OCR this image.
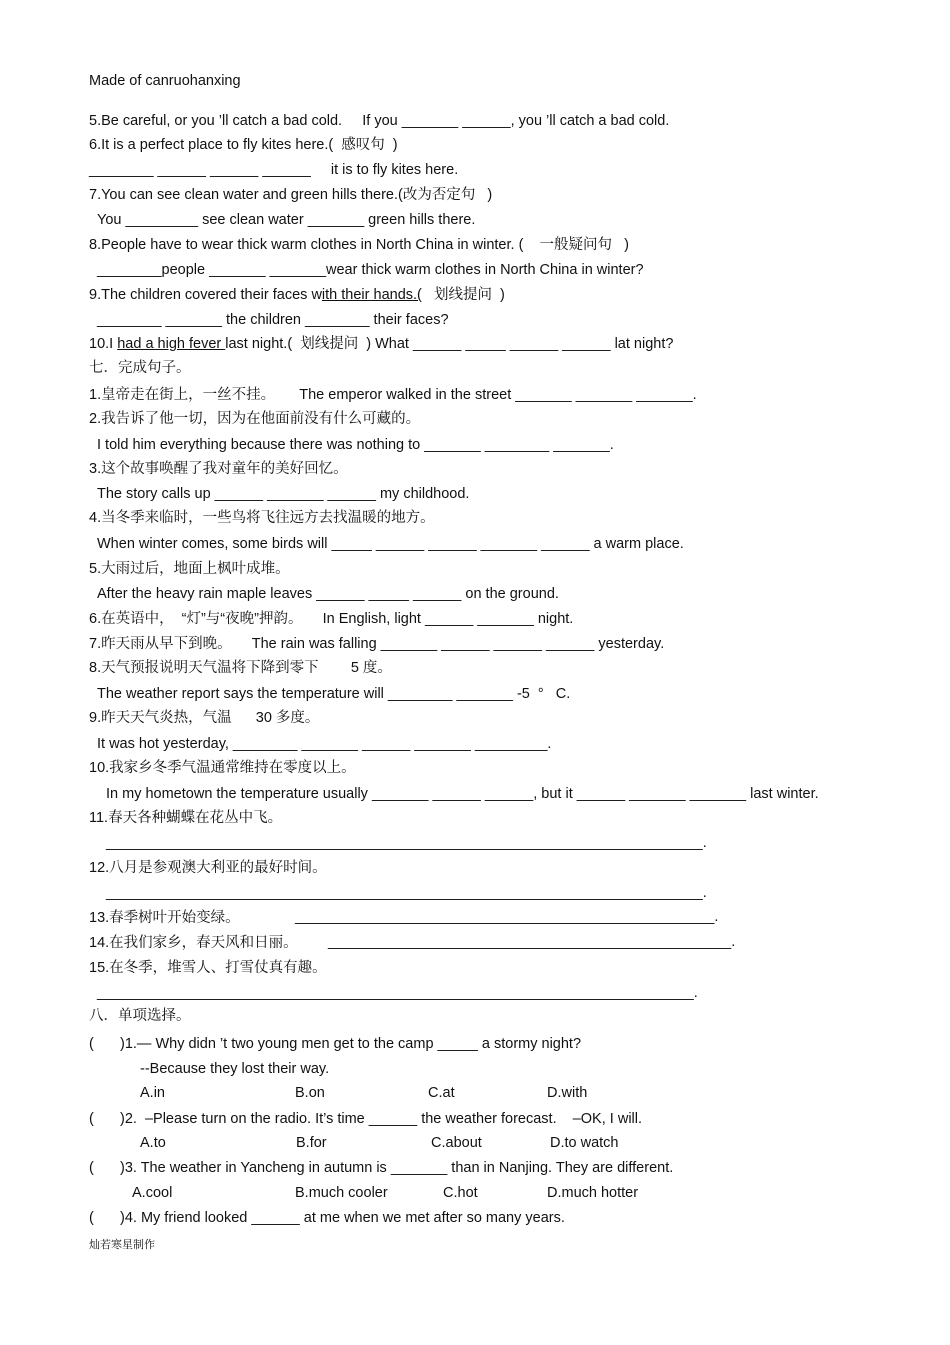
Made of canruohanxing
5.Be careful, or you ’ll catch a bad cold.     If you _______ ______, you ’ll catch a bad cold.
6.It is a perfect place to fly kites here.(  感叹句  )
________ ______ ______ ______     it is to fly kites here.
7.You can see clean water and green hills there.(改为否定句   )
You _________ see clean water _______ green hills there.
8.People have to wear thick warm clothes in North China in winter. (    一般疑问句   )
________people _______ _______wear thick warm clothes in North China in winter?
9.The children covered their faces with their hands.(   划线提问  )
________ _______ the children ________ their faces?
10.I had a high fever last night.(  划线提问  ) What ______ _____ ______ ______ lat night?
七．完成句子。
1.皇帝走在街上，一丝不挂。      The emperor walked in the street _______ _______ _______.
2.我告诉了他一切，因为在他面前没有什么可藏的。
I told him everything because there was nothing to _______ ________ _______.
3.这个故事唤醒了我对童年的美好回忆。
The story calls up ______ _______ ______ my childhood.
4.当冬季来临时，一些鸟将飞往远方去找温暖的地方。
When winter comes, some birds will _____ ______ ______ _______ ______ a warm place.
5.大雨过后，地面上枫叶成堆。
After the heavy rain maple leaves ______ _____ ______ on the ground.
6.在英语中，  “灯”与“夜晚”押韵。     In English, light ______ _______ night.
7.昨天雨从早下到晚。     The rain was falling _______ ______ ______ ______ yesterday.
8.天气预报说明天气温将下降到零下        5 度。
The weather report says the temperature will ________ _______ -5  °   C.
9.昨天天气炎热，气温      30 多度。
It was hot yesterday, ________ _______ ______ _______ _________.
10.我家乡冬季气温通常维持在零度以上。
In my hometown the temperature usually _______ ______ ______, but it ______ _______ _______ last winter.
11.春天各种蝴蝶在花丛中飞。
__________________________________________________________________________.
12.八月是参观澳大利亚的最好时间。
__________________________________________________________________________.
13.春季树叶开始变绿。	____________________________________________________.
14.在我们家乡，春天风和日丽。 __________________________________________________.
15.在冬季，堆雪人、打雪仗真有趣。
__________________________________________________________________________.
八．单项选择。
( )1.— Why didn ’t two young men get to the camp _____ a stormy night?
--Because they lost their way.
A.in	B.on	C.at	D.with
( )2.  –Please turn on the radio. It’s time ______ the weather forecast.    –OK, I will.
A.to	B.for	C.about	D.to watch
( )3. The weather in Yancheng in autumn is _______ than in Nanjing. They are different.
A.cool	B.much cooler	C.hot	D.much hotter
( )4. My friend looked ______ at me when we met after so many years.
灿若寒星制作
